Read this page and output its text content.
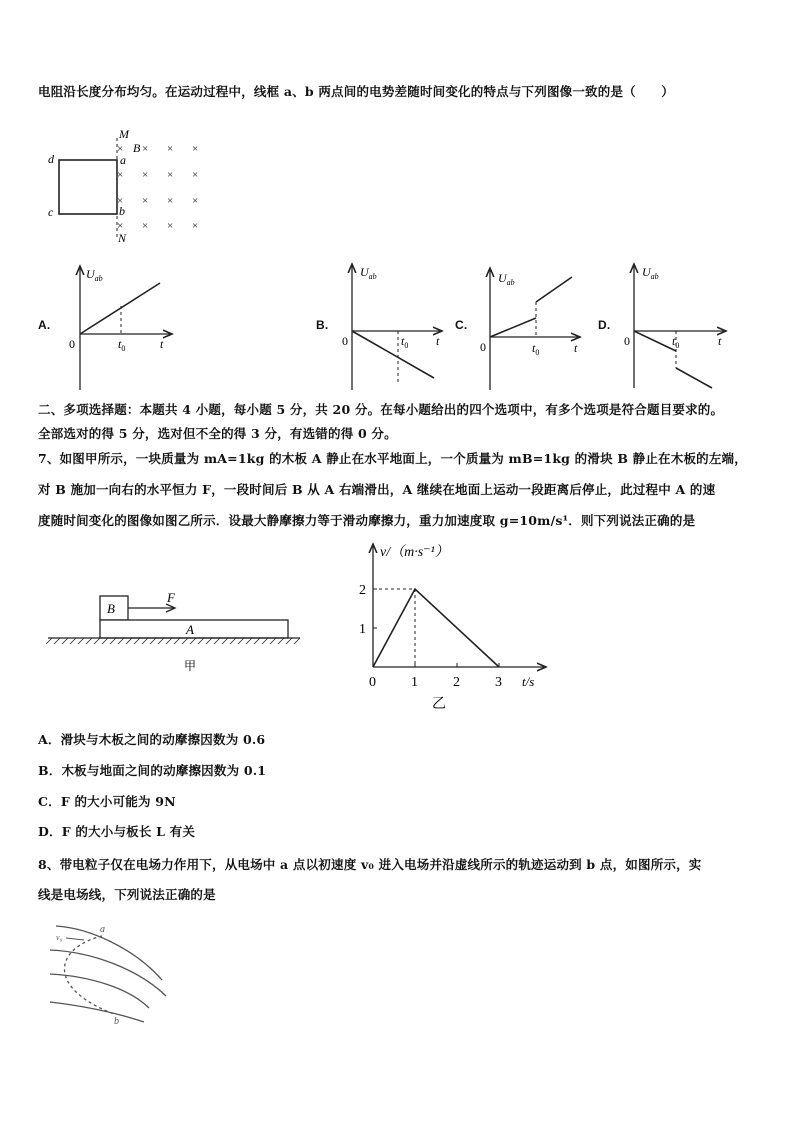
电阻沿长度分布均匀。在运动过程中，线框 a、b 两点间的电势差随时间变化的特点与下列图像一致的是（　　）
M
N
a
b
d
c
B
× × × ×
× × × ×
× × × ×
× × × ×
A.	B.	C.	D.
$U_{ab}$
0	$t_0$	t
$U_{ab}$
0	$t_0$ t
$U_{ab}$
0	$t_0$	t
$U_{ab}$
0	$t_0$	t
二、多项选择题：本题共 4 小题，每小题 5 分，共 20 分。在每小题给出的四个选项中，有多个选项是符合题目要求的。
全部选对的得 5 分，选对但不全的得 3 分，有选错的得 0 分。
7、如图甲所示，一块质量为 mA=1kg 的木板 A 静止在水平地面上，一个质量为 mB=1kg 的滑块 B 静止在木板的左端，
对 B 施加一向右的水平恒力 F，一段时间后 B 从 A 右端滑出，A 继续在地面上运动一段距离后停止，此过程中 A 的速
度随时间变化的图像如图乙所示．设最大静摩擦力等于滑动摩擦力，重力加速度取 g=10m/s¹．则下列说法正确的是
B
F
A
甲
v/（m·s⁻¹）
t/s
0	1	2	3
1
2
乙
A．滑块与木板之间的动摩擦因数为 0.6
B．木板与地面之间的动摩擦因数为 0.1
C．F 的大小可能为 9N
D．F 的大小与板长 L 有关
8、带电粒子仅在电场力作用下，从电场中 a 点以初速度 v₀ 进入电场并沿虚线所示的轨迹运动到 b 点，如图所示，实
线是电场线，下列说法正确的是
v₀
a
b
